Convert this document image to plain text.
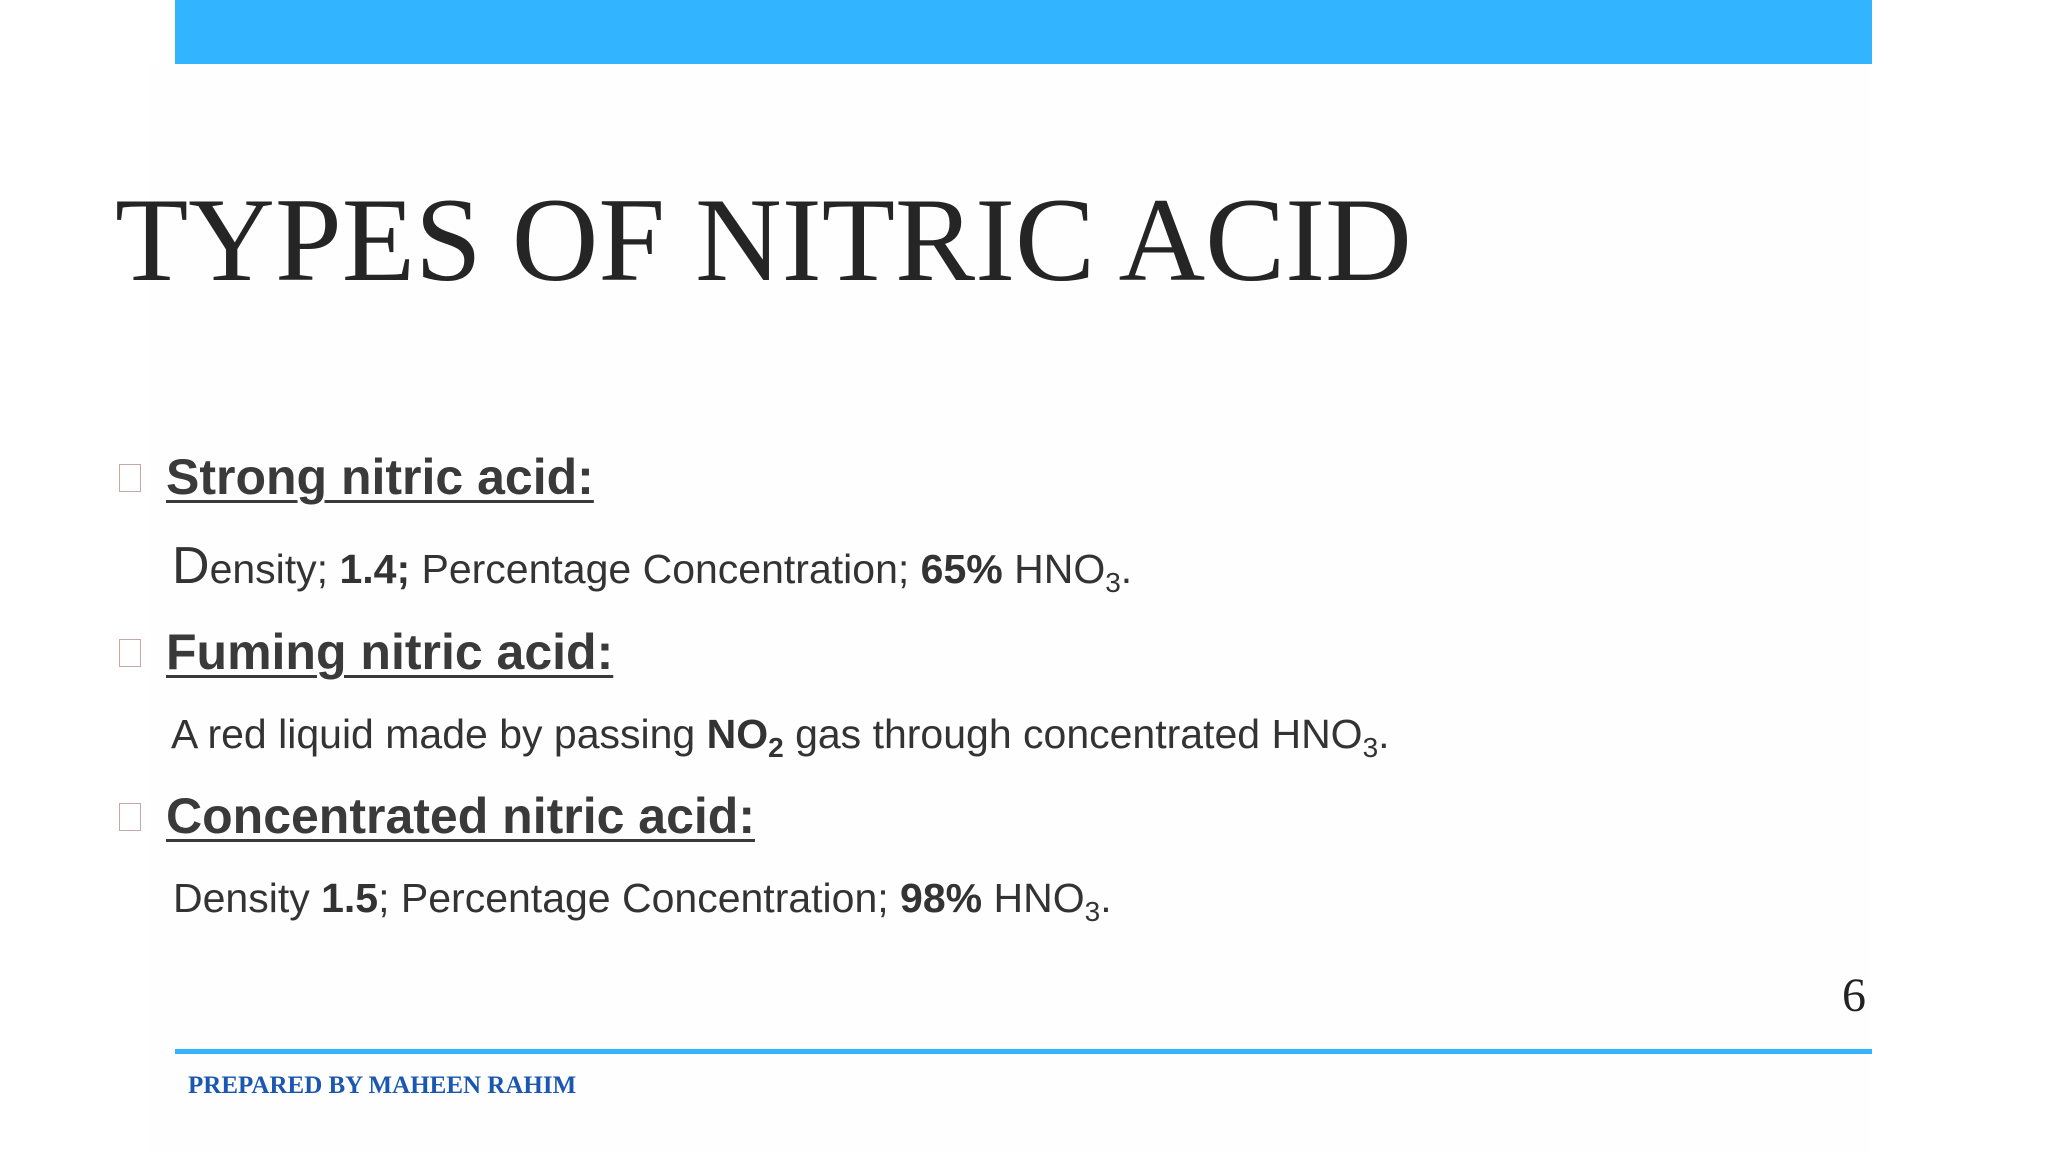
TYPES OF NITRIC ACID
Strong nitric acid:
Density; 1.4; Percentage Concentration; 65% $HNO_3$.
Fuming nitric acid:
A red liquid made by passing $NO_2$ gas through concentrated $HNO_3$.
Concentrated nitric acid:
Density 1.5; Percentage Concentration; 98% $HNO_3$.
6
PREPARED BY MAHEEN RAHIM
